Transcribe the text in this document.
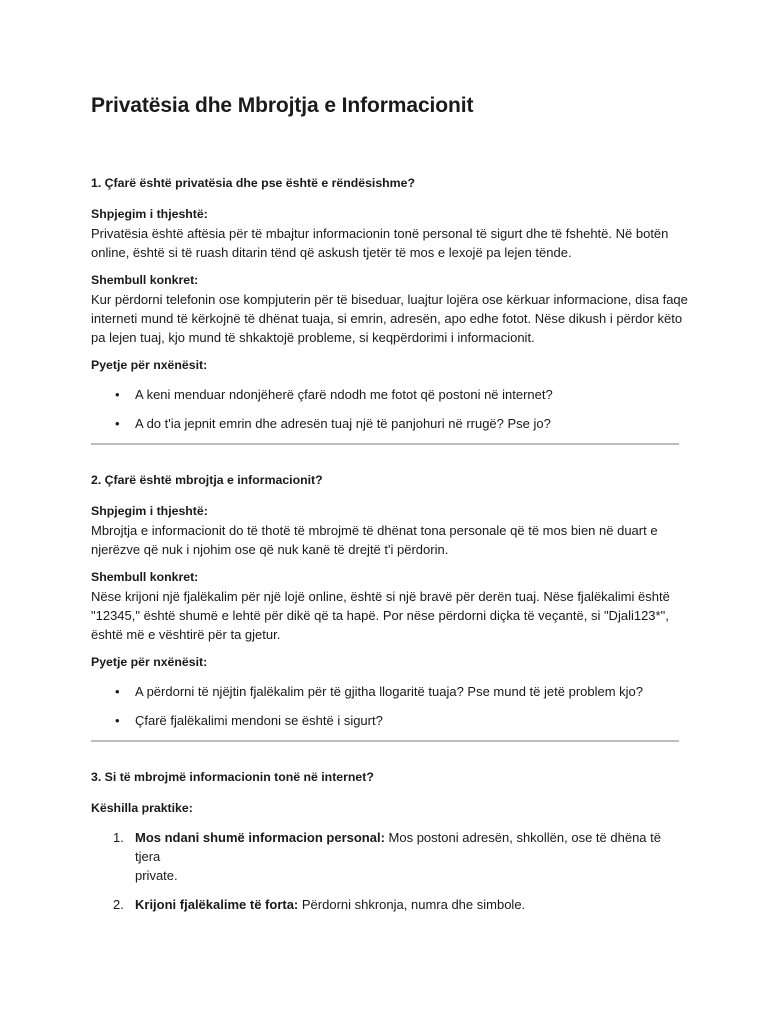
Privatësia dhe Mbrojtja e Informacionit

1. Çfarë është privatësia dhe pse është e rëndësishme?

Shpjegim i thjeshtë:

Privatësia është aftësia për të mbajtur informacionin tonë personal të sigurt dhe të fshehtë. Në botën

online, është si të ruash ditarin tënd që askush tjetër të mos e lexojë pa lejen tënde.

Shembull konkret:

Kur përdorni telefonin ose kompjuterin për të biseduar, luajtur lojëra ose kërkuar informacione, disa faqe

interneti mund të kërkojnë të dhënat tuaja, si emrin, adresën, apo edhe fotot. Nëse dikush i përdor këto

pa lejen tuaj, kjo mund të shkaktojë probleme, si keqpërdorimi i informacionit.

Pyetje për nxënësit:

• A keni menduar ndonjëherë çfarë ndodh me fotot që postoni në internet?
• A do t'ia jepnit emrin dhe adresën tuaj një të panjohuri në rrugë? Pse jo?

2. Çfarë është mbrojtja e informacionit?

Shpjegim i thjeshtë:

Mbrojtja e informacionit do të thotë të mbrojmë të dhënat tona personale që të mos bien në duart e

njerëzve që nuk i njohim ose që nuk kanë të drejtë t'i përdorin.

Shembull konkret:

Nëse krijoni një fjalëkalim për një lojë online, është si një bravë për derën tuaj. Nëse fjalëkalimi është

"12345," është shumë e lehtë për dikë që ta hapë. Por nëse përdorni diçka të veçantë, si "Djali123*",

është më e vështirë për ta gjetur.

Pyetje për nxënësit:

• A përdorni të njëjtin fjalëkalim për të gjitha llogaritë tuaja? Pse mund të jetë problem kjo?
• Çfarë fjalëkalimi mendoni se është i sigurt?

3. Si të mbrojmë informacionin tonë në internet?

Këshilla praktike:

1. Mos ndani shumë informacion personal: Mos postoni adresën, shkollën, ose të dhëna të tjera
private.
2. Krijoni fjalëkalime të forta: Përdorni shkronja, numra dhe simbole.
